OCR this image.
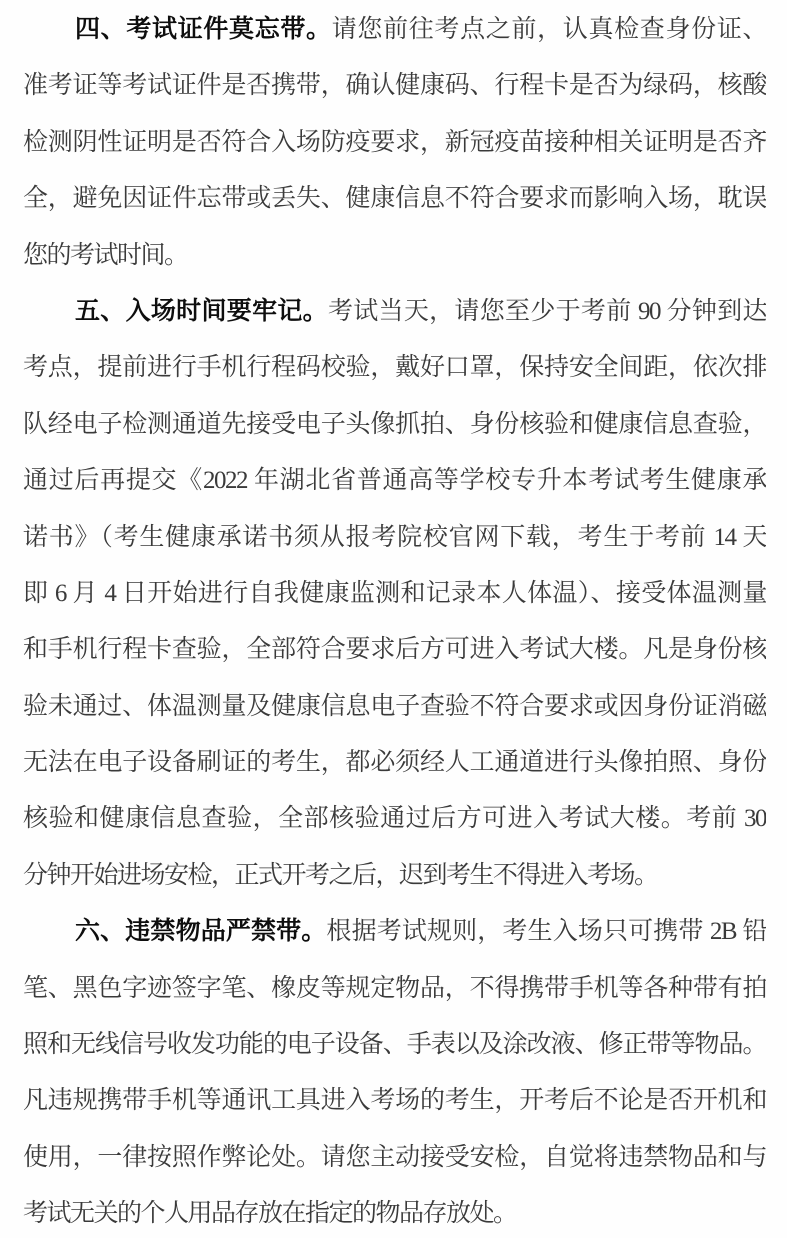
四、考试证件莫忘带。请您前往考点之前，认真检查身份证、
准考证等考试证件是否携带，确认健康码、行程卡是否为绿码，核酸
检测阴性证明是否符合入场防疫要求，新冠疫苗接种相关证明是否齐
全，避免因证件忘带或丢失、健康信息不符合要求而影响入场，耽误
您的考试时间。
五、入场时间要牢记。考试当天，请您至少于考前 90 分钟到达
考点，提前进行手机行程码校验，戴好口罩，保持安全间距，依次排
队经电子检测通道先接受电子头像抓拍、身份核验和健康信息查验，
通过后再提交《2022 年湖北省普通高等学校专升本考试考生健康承
诺书》（考生健康承诺书须从报考院校官网下载，考生于考前 14 天
即 6 月 4 日开始进行自我健康监测和记录本人体温）、接受体温测量
和手机行程卡查验，全部符合要求后方可进入考试大楼。凡是身份核
验未通过、体温测量及健康信息电子查验不符合要求或因身份证消磁
无法在电子设备刷证的考生，都必须经人工通道进行头像拍照、身份
核验和健康信息查验，全部核验通过后方可进入考试大楼。考前 30
分钟开始进场安检，正式开考之后，迟到考生不得进入考场。
六、违禁物品严禁带。根据考试规则，考生入场只可携带 2B 铅
笔、黑色字迹签字笔、橡皮等规定物品，不得携带手机等各种带有拍
照和无线信号收发功能的电子设备、手表以及涂改液、修正带等物品。
凡违规携带手机等通讯工具进入考场的考生，开考后不论是否开机和
使用，一律按照作弊论处。请您主动接受安检，自觉将违禁物品和与
考试无关的个人用品存放在指定的物品存放处。
